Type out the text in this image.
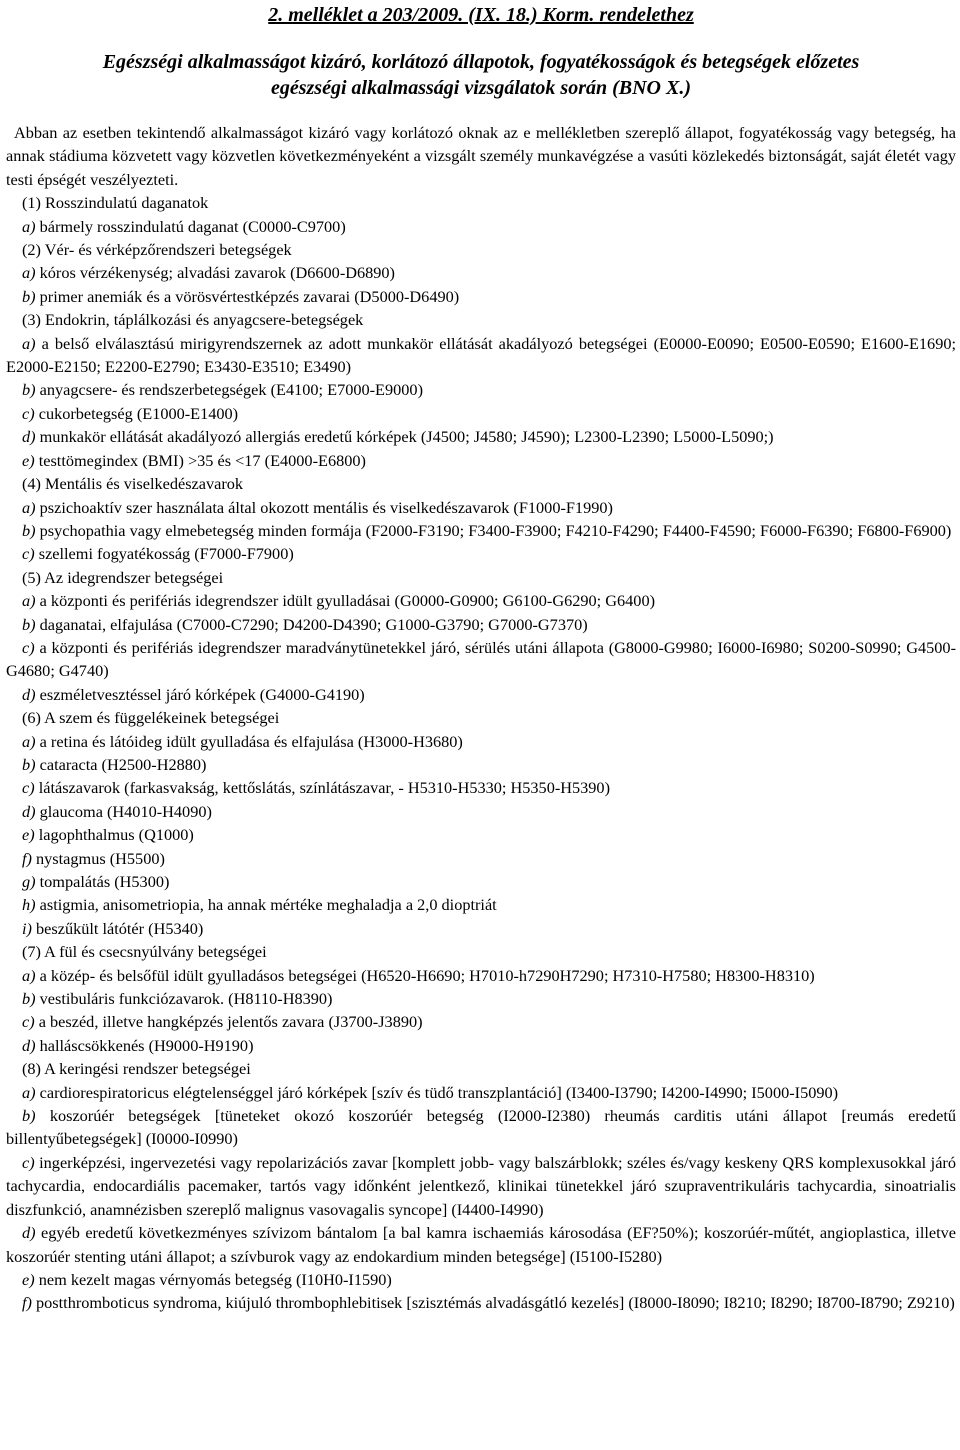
2. melléklet a 203/2009. (IX. 18.) Korm. rendelethez
Egészségi alkalmasságot kizáró, korlátozó állapotok, fogyatékosságok és betegségek előzetes
egészségi alkalmassági vizsgálatok során (BNO X.)
Abban az esetben tekintendő alkalmasságot kizáró vagy korlátozó oknak az e mellékletben szereplő állapot, fogyatékosság vagy betegség, ha annak stádiuma közvetett vagy közvetlen következményeként a vizsgált személy munkavégzése a vasúti közlekedés biztonságát, saját életét vagy testi épségét veszélyezteti.
(1) Rosszindulatú daganatok
a) bármely rosszindulatú daganat (C0000-C9700)
(2) Vér- és vérképzőrendszeri betegségek
a) kóros vérzékenység; alvadási zavarok (D6600-D6890)
b) primer anemiák és a vörösvértestképzés zavarai (D5000-D6490)
(3) Endokrin, táplálkozási és anyagcsere-betegségek
a) a belső elválasztású mirigyrendszernek az adott munkakör ellátását akadályozó betegségei (E0000-E0090; E0500-E0590; E1600-E1690; E2000-E2150; E2200-E2790; E3430-E3510; E3490)
b) anyagcsere- és rendszerbetegségek (E4100; E7000-E9000)
c) cukorbetegség (E1000-E1400)
d) munkakör ellátását akadályozó allergiás eredetű kórképek (J4500; J4580; J4590); L2300-L2390; L5000-L5090;)
e) testtömegindex (BMI) >35 és <17 (E4000-E6800)
(4) Mentális és viselkedészavarok
a) pszichoaktív szer használata által okozott mentális és viselkedészavarok (F1000-F1990)
b) psychopathia vagy elmebetegség minden formája (F2000-F3190; F3400-F3900; F4210-F4290; F4400-F4590; F6000-F6390; F6800-F6900)
c) szellemi fogyatékosság (F7000-F7900)
(5) Az idegrendszer betegségei
a) a központi és perifériás idegrendszer idült gyulladásai (G0000-G0900; G6100-G6290; G6400)
b) daganatai, elfajulása (C7000-C7290; D4200-D4390; G1000-G3790; G7000-G7370)
c) a központi és perifériás idegrendszer maradványtünetekkel járó, sérülés utáni állapota (G8000-G9980; I6000-I6980; S0200-S0990; G4500-G4680; G4740)
d) eszméletvesztéssel járó kórképek (G4000-G4190)
(6) A szem és függelékeinek betegségei
a) a retina és látóideg idült gyulladása és elfajulása (H3000-H3680)
b) cataracta (H2500-H2880)
c) látászavarok (farkasvakság, kettőslátás, színlátászavar, - H5310-H5330; H5350-H5390)
d) glaucoma (H4010-H4090)
e) lagophthalmus (Q1000)
f) nystagmus (H5500)
g) tompalátás (H5300)
h) astigmia, anisometriopia, ha annak mértéke meghaladja a 2,0 dioptriát
i) beszűkült látótér (H5340)
(7) A fül és csecsnyúlvány betegségei
a) a közép- és belsőfül idült gyulladásos betegségei (H6520-H6690; H7010-h7290H7290; H7310-H7580; H8300-H8310)
b) vestibuláris funkciózavarok. (H8110-H8390)
c) a beszéd, illetve hangképzés jelentős zavara (J3700-J3890)
d) halláscsökkenés (H9000-H9190)
(8) A keringési rendszer betegségei
a) cardiorespiratoricus elégtelenséggel járó kórképek [szív és tüdő transzplantáció] (I3400-I3790; I4200-I4990; I5000-I5090)
b) koszorúér betegségek [tüneteket okozó koszorúér betegség (I2000-I2380) rheumás carditis utáni állapot [reumás eredetű billentyűbetegségek] (I0000-I0990)
c) ingerképzési, ingervezetési vagy repolarizációs zavar [komplett jobb- vagy balszárblokk; széles és/vagy keskeny QRS komplexusokkal járó tachycardia, endocardiális pacemaker, tartós vagy időnként jelentkező, klinikai tünetekkel járó szupraventrikuláris tachycardia, sinoatrialis diszfunkció, anamnézisben szereplő malignus vasovagalis syncope] (I4400-I4990)
d) egyéb eredetű következményes szívizom bántalom [a bal kamra ischaemiás károsodása (EF?50%); koszorúér-műtét, angioplastica, illetve koszorúér stenting utáni állapot; a szívburok vagy az endokardium minden betegsége] (I5100-I5280)
e) nem kezelt magas vérnyomás betegség (I10H0-I1590)
f) postthromboticus syndroma, kiújuló thrombophlebitisek [szisztémás alvadásgátló kezelés] (I8000-I8090; I8210; I8290; I8700-I8790; Z9210)
